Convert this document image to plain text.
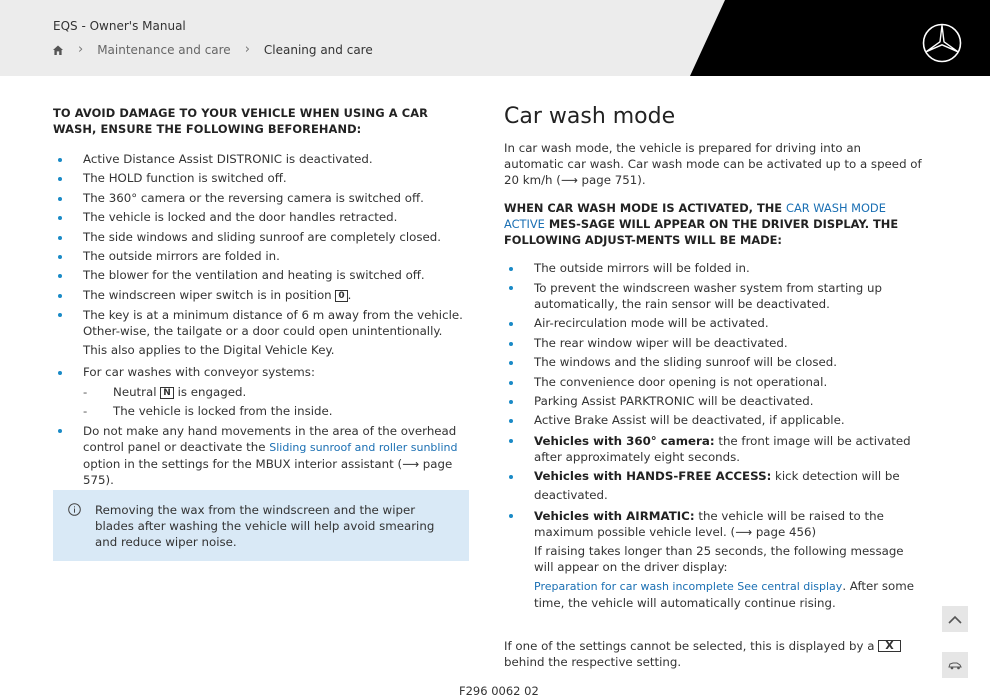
EQS - Owner's Manual
› Maintenance and care › Cleaning and care
TO AVOID DAMAGE TO YOUR VEHICLE WHEN USING A CAR WASH, ENSURE THE FOLLOWING BEFOREHAND:
Active Distance Assist DISTRONIC is deactivated.
The HOLD function is switched off.
The 360° camera or the reversing camera is switched off.
The vehicle is locked and the door handles retracted.
The side windows and sliding sunroof are completely closed.
The outside mirrors are folded in.
The blower for the ventilation and heating is switched off.
The windscreen wiper switch is in position 0 .
The key is at a minimum distance of 6 m away from the vehicle. Other-wise, the tailgate or a door could open unintentionally.
This also applies to the Digital Vehicle Key.
For car washes with conveyor systems:
- Neutral N is engaged.
- The vehicle is locked from the inside.
Do not make any hand movements in the area of the overhead control panel or deactivate the Sliding sunroof and roller sunblind option in the settings for the MBUX interior assistant (⟶ page 575).
Removing the wax from the windscreen and the wiper blades after washing the vehicle will help avoid smearing and reduce wiper noise.
Car wash mode

In car wash mode, the vehicle is prepared for driving into an automatic car wash. Car wash mode can be activated up to a speed of 20 km/h (⟶ page 751).

WHEN CAR WASH MODE IS ACTIVATED, THE CAR WASH MODE ACTIVE MES-SAGE WILL APPEAR ON THE DRIVER DISPLAY. THE FOLLOWING ADJUST-MENTS WILL BE MADE:

The outside mirrors will be folded in.
To prevent the windscreen washer system from starting up automatically, the rain sensor will be deactivated.
Air-recirculation mode will be activated.
The rear window wiper will be deactivated.
The windows and the sliding sunroof will be closed.
The convenience door opening is not operational.
Parking Assist PARKTRONIC will be deactivated.
Active Brake Assist will be deactivated, if applicable.
Vehicles with 360° camera: the front image will be activated after approximately eight seconds.
Vehicles with HANDS-FREE ACCESS: kick detection will be deactivated.
Vehicles with AIRMATIC: the vehicle will be raised to the maximum possible vehicle level. (⟶ page 456)
If raising takes longer than 25 seconds, the following message will appear on the driver display:
Preparation for car wash incomplete See central display. After some time, the vehicle will automatically continue rising.

If one of the settings cannot be selected, this is displayed by a X behind the respective setting.

F296 0062 02
